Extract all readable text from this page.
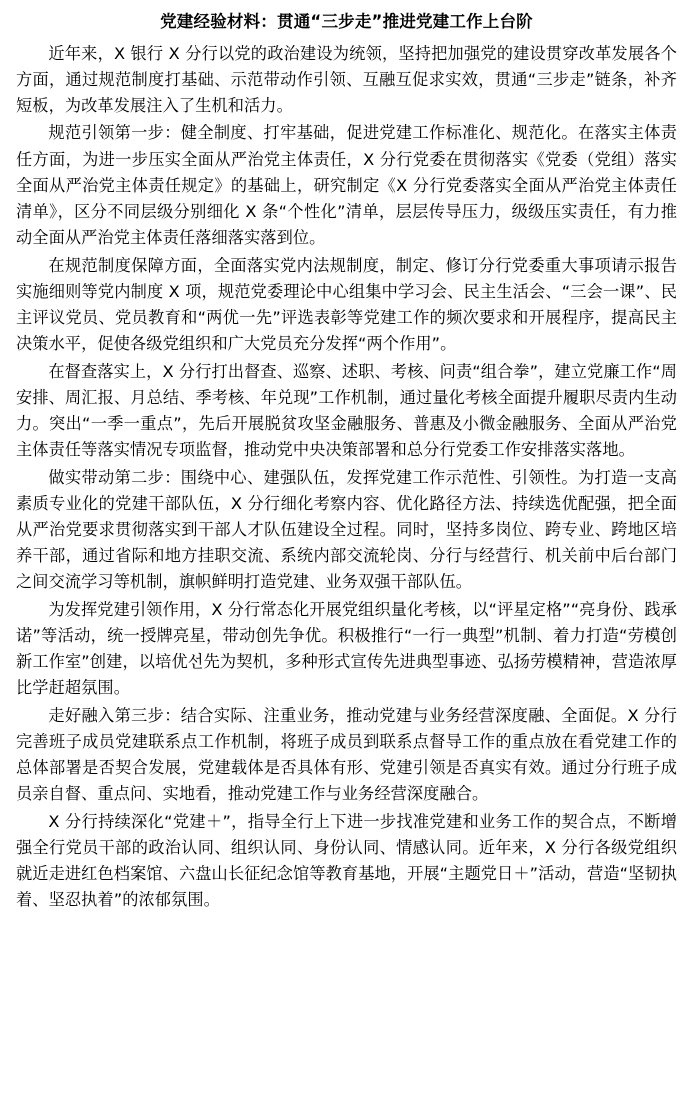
党建经验材料：贯通“三步走”推进党建工作上台阶

近年来，X 银行 X 分行以党的政治建设为统领，坚持把加强党的建设贯穿改革发展各个方面，通过规范制度打基础、示范带动作引领、互融互促求实效，贯通“三步走”链条，补齐短板，为改革发展注入了生机和活力。

规范引领第一步：健全制度、打牢基础，促进党建工作标准化、规范化。在落实主体责任方面，为进一步压实全面从严治党主体责任，X 分行党委在贯彻落实《党委（党组）落实全面从严治党主体责任规定》的基础上，研究制定《X 分行党委落实全面从严治党主体责任清单》，区分不同层级分别细化 X 条“个性化”清单，层层传导压力，级级压实责任，有力推动全面从严治党主体责任落细落实落到位。

在规范制度保障方面，全面落实党内法规制度，制定、修订分行党委重大事项请示报告实施细则等党内制度 X 项，规范党委理论中心组集中学习会、民主生活会、“三会一课”、民主评议党员、党员教育和“两优一先”评选表彰等党建工作的频次要求和开展程序，提高民主决策水平，促使各级党组织和广大党员充分发挥“两个作用”。

在督查落实上，X 分行打出督查、巡察、述职、考核、问责“组合拳”，建立党廉工作“周安排、周汇报、月总结、季考核、年兑现”工作机制，通过量化考核全面提升履职尽责内生动力。突出“一季一重点”，先后开展脱贫攻坚金融服务、普惠及小微金融服务、全面从严治党主体责任等落实情况专项监督，推动党中央决策部署和总分行党委工作安排落实落地。

做实带动第二步：围绕中心、建强队伍，发挥党建工作示范性、引领性。为打造一支高素质专业化的党建干部队伍，X 分行细化考察内容、优化路径方法、持续选优配强，把全面从严治党要求贯彻落实到干部人才队伍建设全过程。同时，坚持多岗位、跨专业、跨地区培养干部，通过省际和地方挂职交流、系统内部交流轮岗、分行与经营行、机关前中后台部门之间交流学习等机制，旗帜鲜明打造党建、业务双强干部队伍。

为发挥党建引领作用，X 分行常态化开展党组织量化考核，以“评星定格”“亮身份、践承诺”等活动，统一授牌亮星，带动创先争优。积极推行“一行一典型”机制、着力打造“劳模创新工作室”创建，以培优선先为契机，多种形式宣传先进典型事迹、弘扬劳模精神，营造浓厚比学赶超氛围。

走好融入第三步：结合实际、注重业务，推动党建与业务经营深度融、全面促。X 分行完善班子成员党建联系点工作机制，将班子成员到联系点督导工作的重点放在看党建工作的总体部署是否契合发展，党建载体是否具体有形、党建引领是否真实有效。通过分行班子成员亲自督、重点问、实地看，推动党建工作与业务经营深度融合。

X 分行持续深化“党建＋”，指导全行上下进一步找准党建和业务工作的契合点，不断增强全行党员干部的政治认同、组织认同、身份认同、情感认同。近年来，X 分行各级党组织就近走进红色档案馆、六盘山长征纪念馆等教育基地，开展“主题党日＋”活动，营造“坚韧执着、坚忍执着”的浓郁氛围。
